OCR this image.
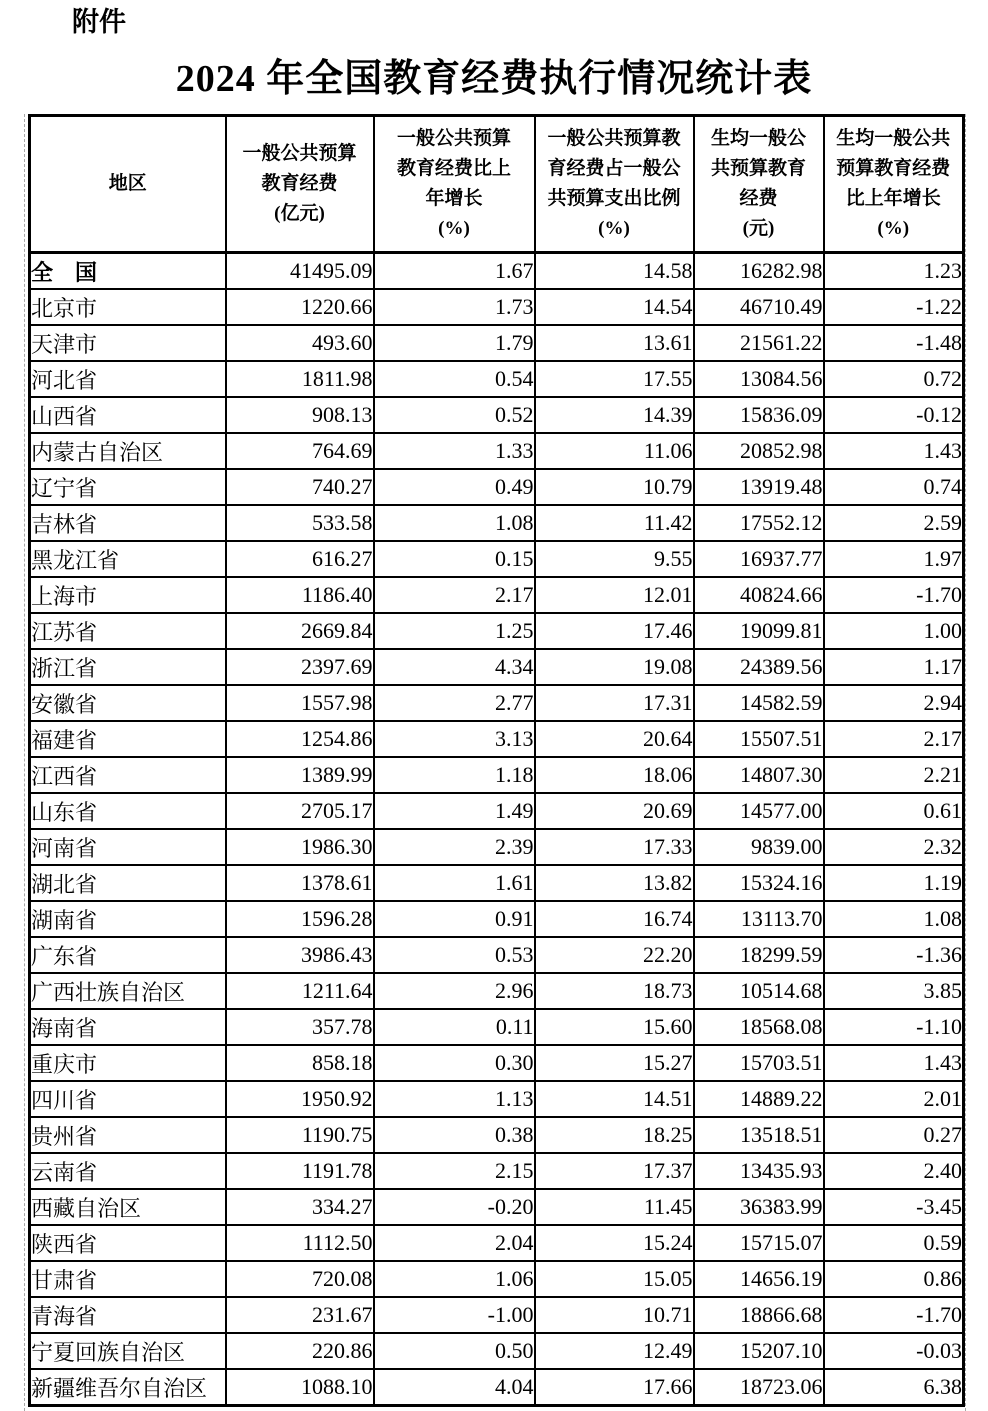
附件
2024 年全国教育经费执行情况统计表
地区

一般公共预算
教育经费
(亿元)

一般公共预算
教育经费比上
年增长
(%)

一般公共预算教
育经费占一般公
共预算支出比例
(%)

生均一般公
共预算教育
经费
(元)

生均一般公共
预算教育经费
比上年增长
(%)

全　国	41495.09	1.67	14.58	16282.98	1.23
北京市	1220.66	1.73	14.54	46710.49	-1.22
天津市	493.60	1.79	13.61	21561.22	-1.48
河北省	1811.98	0.54	17.55	13084.56	0.72
山西省	908.13	0.52	14.39	15836.09	-0.12
内蒙古自治区	764.69	1.33	11.06	20852.98	1.43
辽宁省	740.27	0.49	10.79	13919.48	0.74
吉林省	533.58	1.08	11.42	17552.12	2.59
黑龙江省	616.27	0.15	9.55	16937.77	1.97
上海市	1186.40	2.17	12.01	40824.66	-1.70
江苏省	2669.84	1.25	17.46	19099.81	1.00
浙江省	2397.69	4.34	19.08	24389.56	1.17
安徽省	1557.98	2.77	17.31	14582.59	2.94
福建省	1254.86	3.13	20.64	15507.51	2.17
江西省	1389.99	1.18	18.06	14807.30	2.21
山东省	2705.17	1.49	20.69	14577.00	0.61
河南省	1986.30	2.39	17.33	9839.00	2.32
湖北省	1378.61	1.61	13.82	15324.16	1.19
湖南省	1596.28	0.91	16.74	13113.70	1.08
广东省	3986.43	0.53	22.20	18299.59	-1.36
广西壮族自治区	1211.64	2.96	18.73	10514.68	3.85
海南省	357.78	0.11	15.60	18568.08	-1.10
重庆市	858.18	0.30	15.27	15703.51	1.43
四川省	1950.92	1.13	14.51	14889.22	2.01
贵州省	1190.75	0.38	18.25	13518.51	0.27
云南省	1191.78	2.15	17.37	13435.93	2.40
西藏自治区	334.27	-0.20	11.45	36383.99	-3.45
陕西省	1112.50	2.04	15.24	15715.07	0.59
甘肃省	720.08	1.06	15.05	14656.19	0.86
青海省	231.67	-1.00	10.71	18866.68	-1.70
宁夏回族自治区	220.86	0.50	12.49	15207.10	-0.03
新疆维吾尔自治区	1088.10	4.04	17.66	18723.06	6.38
